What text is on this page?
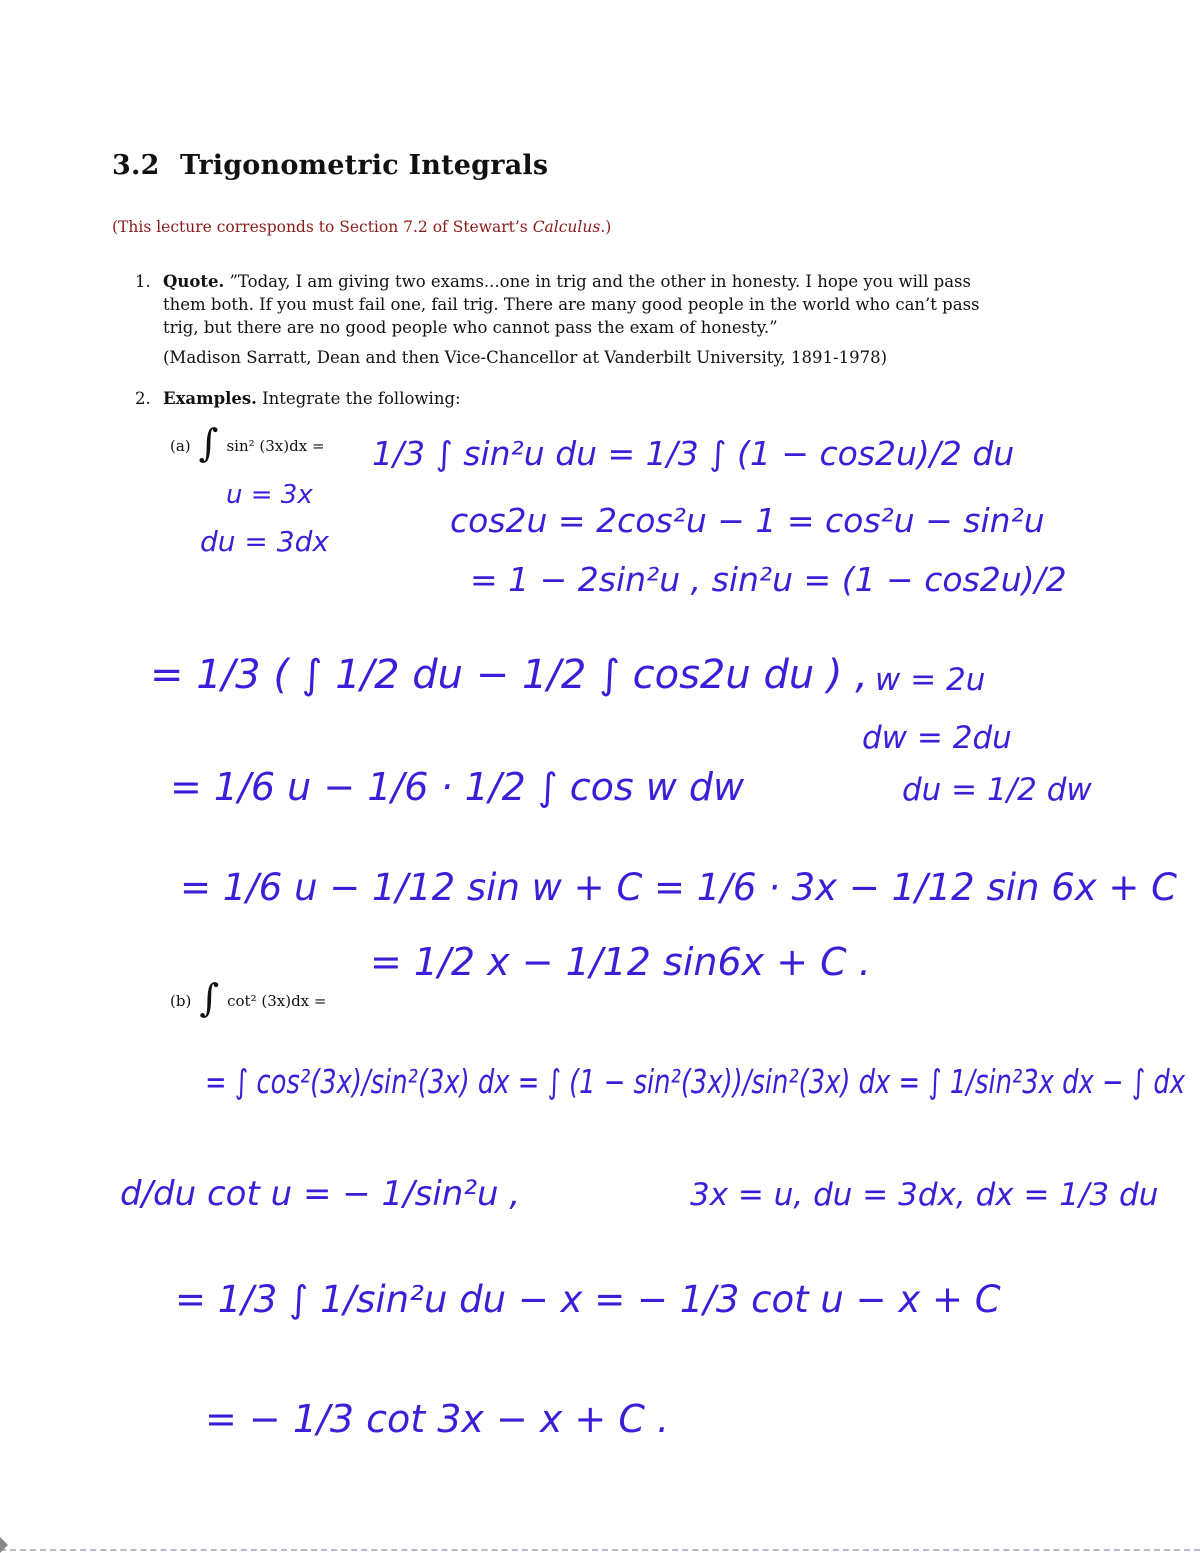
3.2 Trigonometric Integrals
(This lecture corresponds to Section 7.2 of Stewart’s Calculus.)
1. Quote. ”Today, I am giving two exams...one in trig and the other in honesty. I hope you will pass
them both. If you must fail one, fail trig. There are many good people in the world who can’t pass
trig, but there are no good people who cannot pass the exam of honesty.”
(Madison Sarratt, Dean and then Vice-Chancellor at Vanderbilt University, 1891-1978)
2. Examples. Integrate the following:
(a) ∫ sin² (3x)dx =
(b) ∫ cot² (3x)dx =
1/3 ∫ sin²u du = 1/3 ∫ (1 − cos2u)/2 du
u = 3x
du = 3dx
cos2u = 2cos²u − 1 = cos²u − sin²u
= 1 − 2sin²u , sin²u = (1 − cos2u)/2
= 1/3 ( ∫ 1/2 du − 1/2 ∫ cos2u du ) , w = 2u
dw = 2du
du = 1/2 dw
= 1/6 u − 1/6 · 1/2 ∫ cos w dw
= 1/6 u − 1/12 sin w + C = 1/6 · 3x − 1/12 sin 6x + C
= 1/2 x − 1/12 sin6x + C .
= ∫ cos²(3x)/sin²(3x) dx = ∫ (1 − sin²(3x))/sin²(3x) dx = ∫ 1/sin²3x dx − ∫ dx
d/du cot u = − 1/sin²u ,	3x = u, du = 3dx, dx = 1/3 du
= 1/3 ∫ 1/sin²u du − x = − 1/3 cot u − x + C
= − 1/3 cot 3x − x + C .
